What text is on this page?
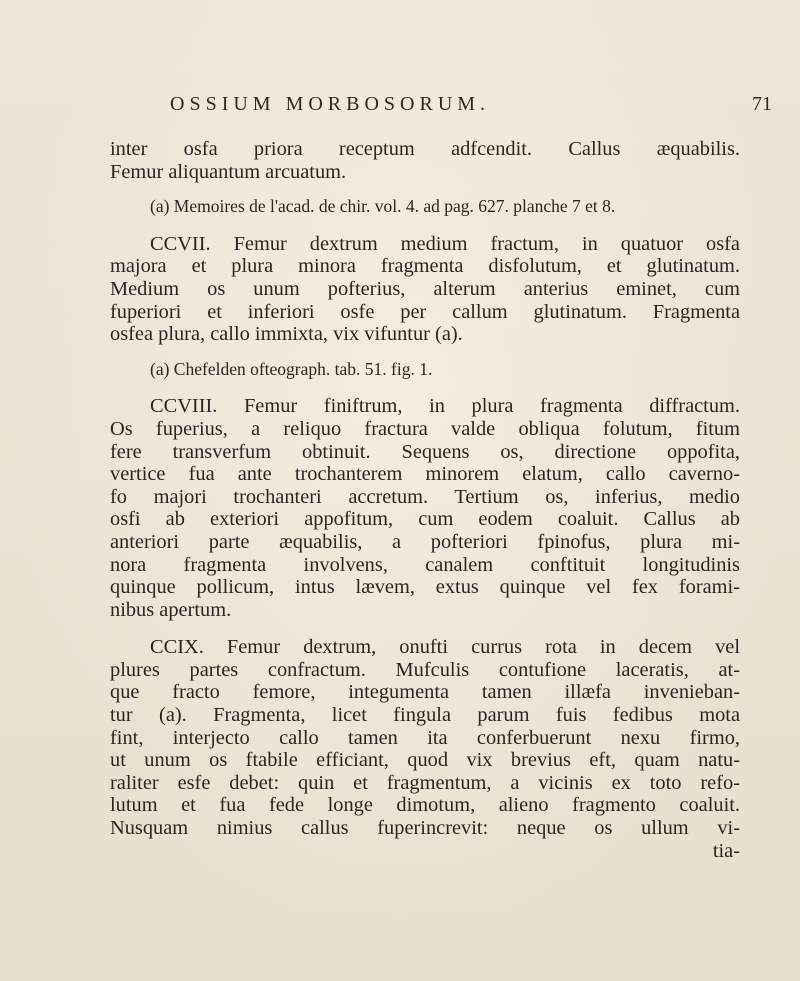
OSSIUM MORBOSORUM.	71
inter osfa priora receptum adfcendit. Callus æquabilis.
Femur aliquantum arcuatum.
(a) Memoires de l'acad. de chir. vol. 4. ad pag. 627. planche 7 et 8.
CCVII. Femur dextrum medium fractum, in quatuor osfa
majora et plura minora fragmenta disfolutum, et glutinatum.
Medium os unum pofterius, alterum anterius eminet, cum
fuperiori et inferiori osfe per callum glutinatum. Fragmenta
osfea plura, callo immixta, vix vifuntur (a).
(a) Chefelden ofteograph. tab. 51. fig. 1.
CCVIII. Femur finiftrum, in plura fragmenta diffractum.
Os fuperius, a reliquo fractura valde obliqua folutum, fitum
fere transverfum obtinuit. Sequens os, directione oppofita,
vertice fua ante trochanterem minorem elatum, callo caverno-
fo majori trochanteri accretum. Tertium os, inferius, medio
osfi ab exteriori appofitum, cum eodem coaluit. Callus ab
anteriori parte æquabilis, a pofteriori fpinofus, plura mi-
nora fragmenta involvens, canalem conftituit longitudinis
quinque pollicum, intus lævem, extus quinque vel fex forami-
nibus apertum.
CCIX. Femur dextrum, onufti currus rota in decem vel
plures partes confractum. Mufculis contufione laceratis, at-
que fracto femore, integumenta tamen illæfa invenieban-
tur (a). Fragmenta, licet fingula parum fuis fedibus mota
fint, interjecto callo tamen ita conferbuerunt nexu firmo,
ut unum os ftabile efficiant, quod vix brevius eft, quam natu-
raliter esfe debet: quin et fragmentum, a vicinis ex toto refo-
lutum et fua fede longe dimotum, alieno fragmento coaluit.
Nusquam nimius callus fuperincrevit: neque os ullum vi-
tia-
